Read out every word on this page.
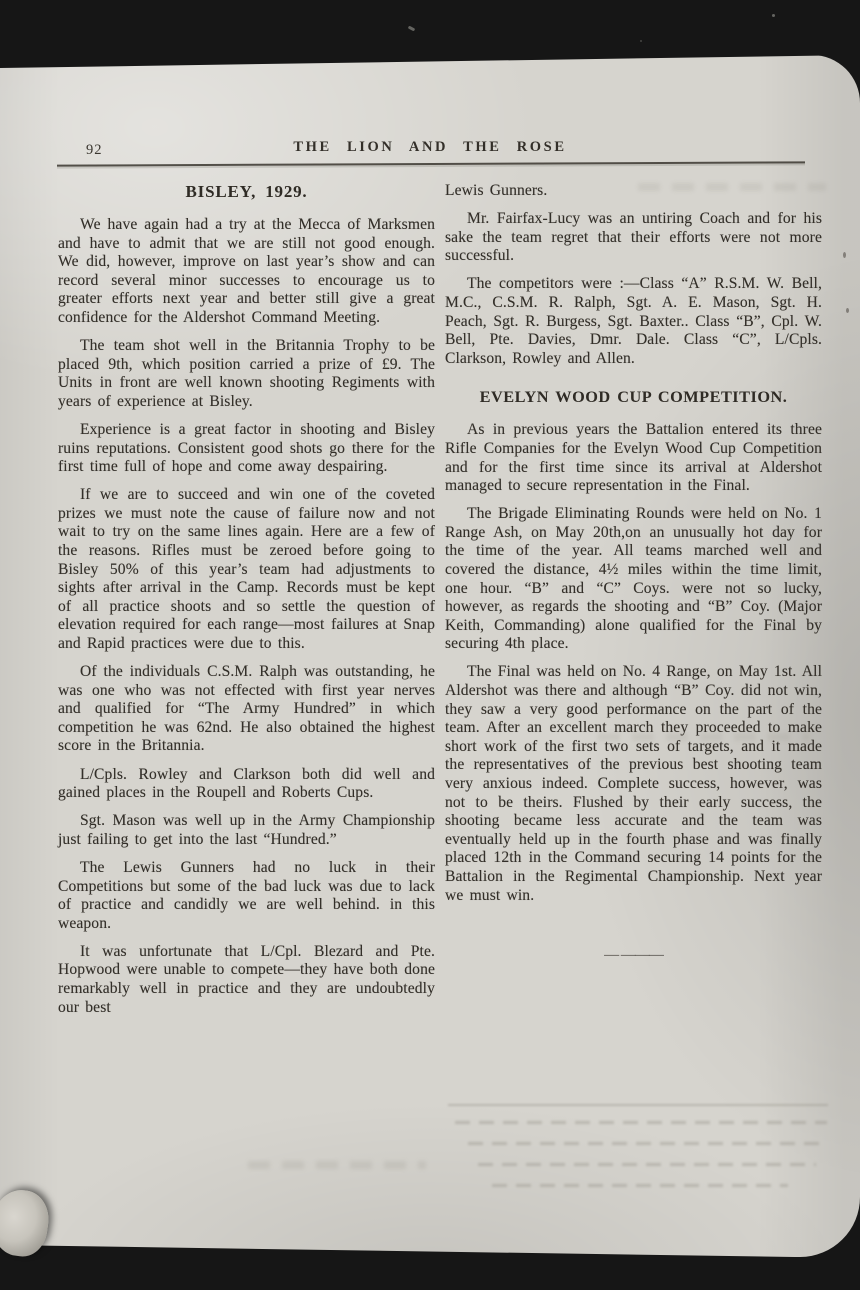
92	THE LION AND THE ROSE
BISLEY, 1929.

We have again had a try at the Mecca of Marksmen and have to admit that we are still not good enough. We did, however, improve on last year’s show and can record several minor successes to encourage us to greater efforts next year and better still give a great confidence for the Aldershot Command Meeting.

The team shot well in the Britannia Trophy to be placed 9th, which position carried a prize of £9. The Units in front are well known shooting Regiments with years of experience at Bisley.

Experience is a great factor in shooting and Bisley ruins reputations. Consistent good shots go there for the first time full of hope and come away despairing.

If we are to succeed and win one of the coveted prizes we must note the cause of failure now and not wait to try on the same lines again. Here are a few of the reasons. Rifles must be zeroed before going to Bisley 50% of this year’s team had adjustments to sights after arrival in the Camp. Records must be kept of all practice shoots and so settle the question of elevation required for each range—most failures at Snap and Rapid practices were due to this.

Of the individuals C.S.M. Ralph was outstanding, he was one who was not effected with first year nerves and qualified for “The Army Hundred” in which competition he was 62nd. He also obtained the highest score in the Britannia.

L/Cpls. Rowley and Clarkson both did well and gained places in the Roupell and Roberts Cups.

Sgt. Mason was well up in the Army Championship just failing to get into the last “Hundred.”

The Lewis Gunners had no luck in their Competitions but some of the bad luck was due to lack of practice and candidly we are well behind. in this weapon.

It was unfortunate that L/Cpl. Blezard and Pte. Hopwood were unable to compete—they have both done remarkably well in practice and they are undoubtedly our best

Lewis Gunners.

Mr. Fairfax-Lucy was an untiring Coach and for his sake the team regret that their efforts were not more successful.

The competitors were :—Class “A” R.S.M. W. Bell, M.C., C.S.M. R. Ralph, Sgt. A. E. Mason, Sgt. H. Peach, Sgt. R. Burgess, Sgt. Baxter.. Class “B”, Cpl. W. Bell, Pte. Davies, Dmr. Dale. Class “C”, L/Cpls. Clarkson, Rowley and Allen.

EVELYN WOOD CUP COMPETITION.

As in previous years the Battalion entered its three Rifle Companies for the Evelyn Wood Cup Competition and for the first time since its arrival at Aldershot managed to secure representation in the Final.

The Brigade Eliminating Rounds were held on No. 1 Range Ash, on May 20th,on an unusually hot day for the time of the year. All teams marched well and covered the distance, 4½ miles within the time limit, one hour. “B” and “C” Coys. were not so lucky, however, as regards the shooting and “B” Coy. (Major Keith, Commanding) alone qualified for the Final by securing 4th place.

The Final was held on No. 4 Range, on May 1st. All Aldershot was there and although “B” Coy. did not win, they saw a very good performance on the part of the team. After an excellent march they proceeded to make short work of the first two sets of targets, and it made the representatives of the previous best shooting team very anxious indeed. Complete success, however, was not to be theirs. Flushed by their early success, the shooting became less accurate and the team was eventually held up in the fourth phase and was finally placed 12th in the Command securing 14 points for the Battalion in the Regimental Championship. Next year we must win.

— ———
